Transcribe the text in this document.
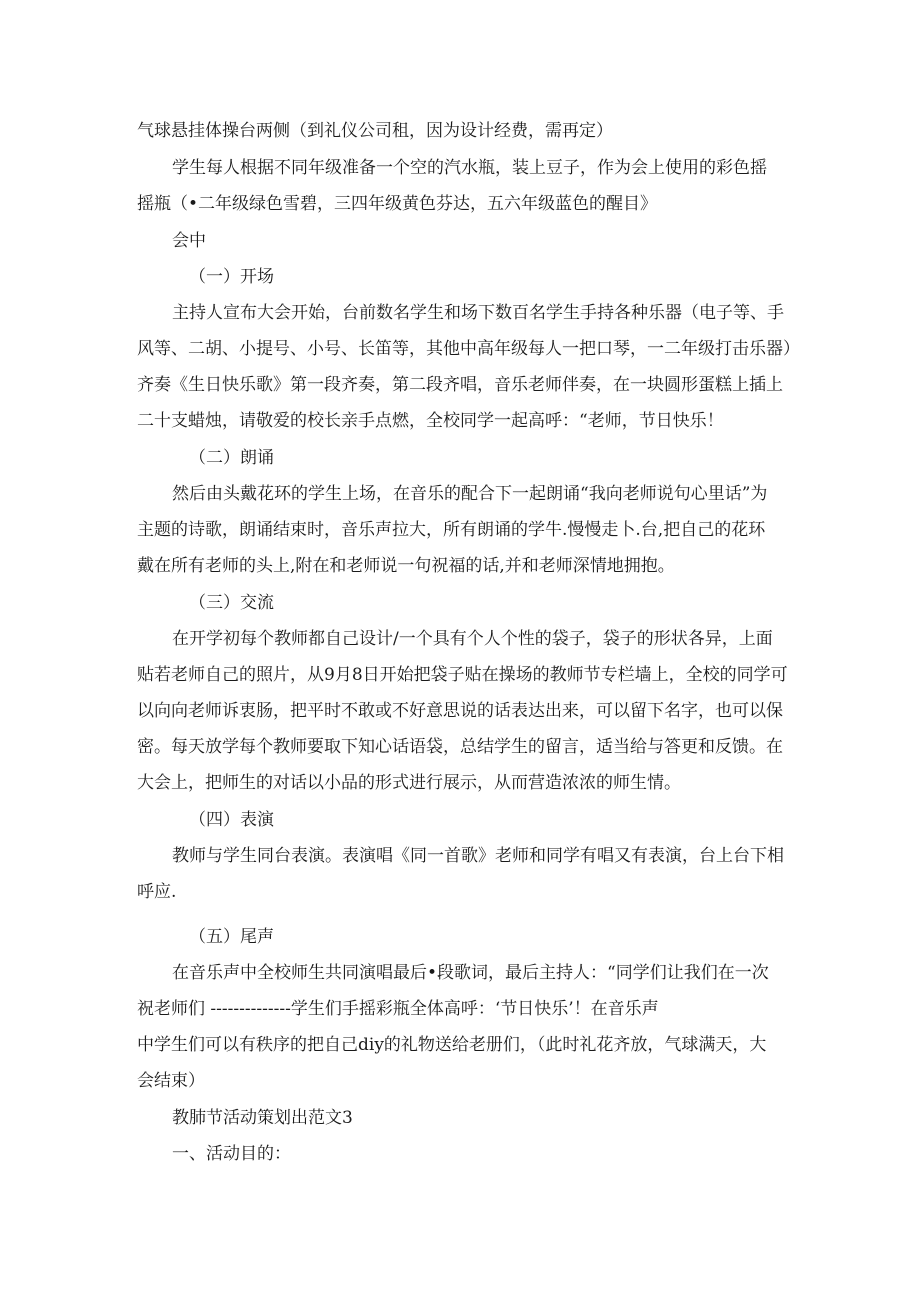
气球悬挂体操台两侧（到礼仪公司租，因为设计经费，需再定）

学生每人根据不同年级准备一个空的汽水瓶，装上豆子，作为会上使用的彩色摇

摇瓶（•二年级绿色雪碧，三四年级黄色芬达，五六年级蓝色的醒目》

会中

（一）开场

主持人宣布大会开始，台前数名学生和场下数百名学生手持各种乐器（电子等、手

风等、二胡、小提号、小号、长笛等，其他中高年级每人一把口琴，一二年级打击乐器）

齐奏《生日快乐歌》第一段齐奏，第二段齐唱，音乐老师伴奏，在一块圆形蛋糕上插上

二十支蜡烛，请敬爱的校长亲手点燃，全校同学一起高呼：“老师，节日快乐！

（二）朗诵

然后由头戴花环的学生上场，在音乐的配合下一起朗诵“我向老师说句心里话”为

主题的诗歌，朗诵结束时，音乐声拉大，所有朗诵的学牛.慢慢走卜.台,把自己的花环

戴在所有老师的头上,附在和老师说一句祝福的话,并和老师深情地拥抱。

（三）交流

在开学初每个教师都自己设计/一个具有个人个性的袋子，袋子的形状各异，上面

贴若老师自己的照片，从9月8日开始把袋子贴在操场的教师节专栏墙上，全校的同学可

以向向老师诉衷肠，把平时不敢或不好意思说的话表达出来，可以留下名字，也可以保

密。每天放学每个教师要取下知心话语袋，总结学生的留言，适当给与答更和反馈。在

大会上，把师生的对话以小品的形式进行展示，从而营造浓浓的师生情。

（四）表演

教师与学生同台表演。表演唱《同一首歌》老师和同学有唱又有表演，台上台下相

呼应.

（五）尾声

在音乐声中全校师生共同演唱最后•段歌词，最后主持人：“同学们让我们在一次

祝老师们 --------------学生们手摇彩瓶全体高呼：‘节日快乐’！在音乐声

中学生们可以有秩序的把自己diy的礼物送给老册们，（此时礼花齐放，气球满天，大

会结束）

教肺节活动策划出范文3

一、活动目的：
